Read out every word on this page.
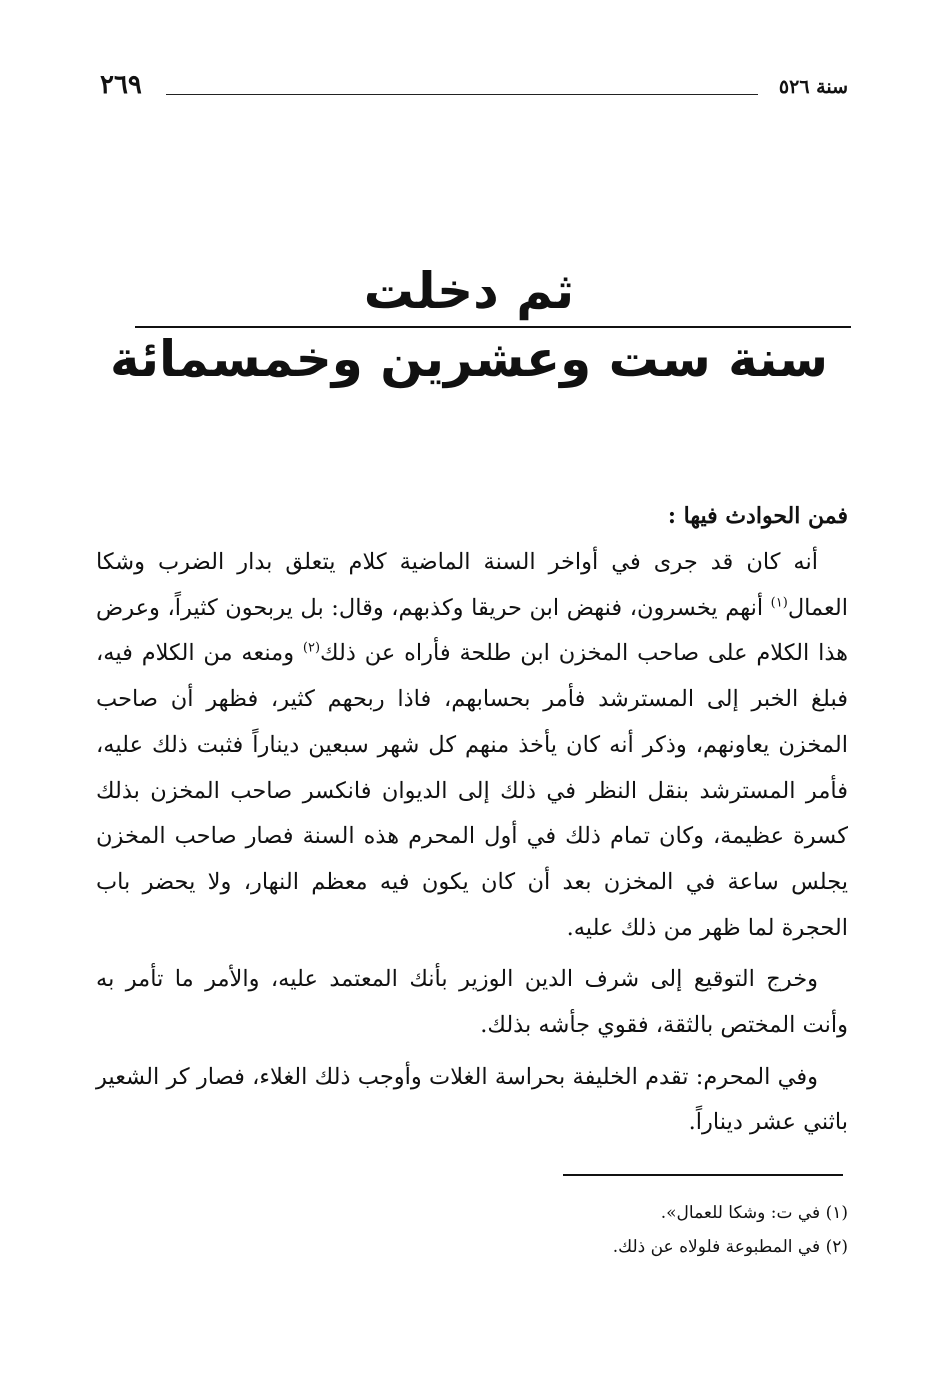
سنة ٥٢٦
٢٦٩
ثم دخلت
سنة ست وعشرين وخمسمائة

فمن الحوادث فيها :

أنه كان قد جرى في أواخر السنة الماضية كلام يتعلق بدار الضرب وشكا العمال$^{(١)}$ أنهم يخسرون، فنهض ابن حريقا وكذبهم، وقال: بل يربحون كثيراً، وعرض هذا الكلام على صاحب المخزن ابن طلحة فأراه عن ذلك$^{(٢)}$ ومنعه من الكلام فيه، فبلغ الخبر إلى المسترشد فأمر بحسابهم، فاذا ربحهم كثير، فظهر أن صاحب المخزن يعاونهم، وذكر أنه كان يأخذ منهم كل شهر سبعين ديناراً فثبت ذلك عليه، فأمر المسترشد بنقل النظر في ذلك إلى الديوان فانكسر صاحب المخزن بذلك كسرة عظيمة، وكان تمام ذلك في أول المحرم هذه السنة فصار صاحب المخزن يجلس ساعة في المخزن بعد أن كان يكون فيه معظم النهار، ولا يحضر باب الحجرة لما ظهر من ذلك عليه.

وخرج التوقيع إلى شرف الدين الوزير بأنك المعتمد عليه، والأمر ما تأمر به وأنت المختص بالثقة، فقوي جأشه بذلك.

وفي المحرم: تقدم الخليفة بحراسة الغلات وأوجب ذلك الغلاء، فصار كر الشعير باثني عشر ديناراً.

(١) في ت: وشكا للعمال».

(٢) في المطبوعة فلولاه عن ذلك.
